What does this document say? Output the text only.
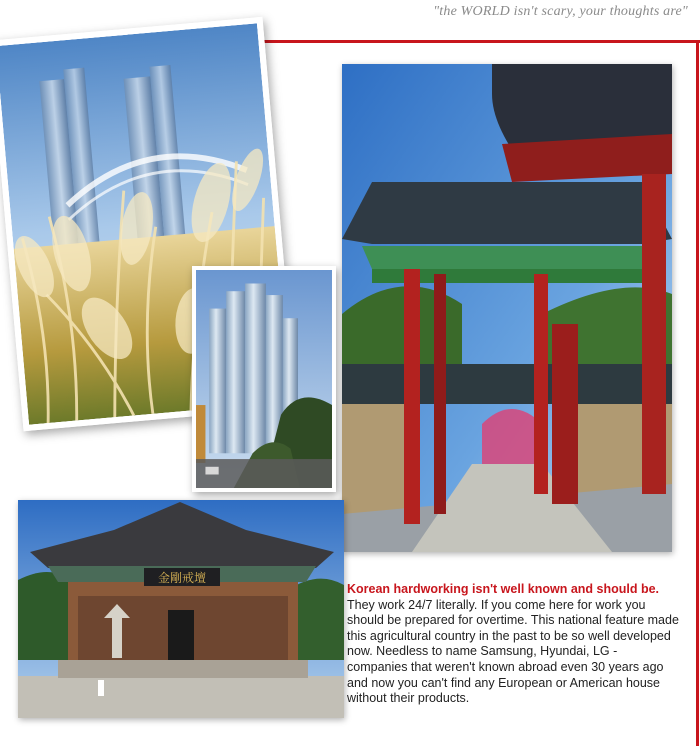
"the WORLD isn't scary, your thoughts are"
金剛戒壇
Korean hardworking isn't well known and should be. They work 24/7 literally. If you come here for work you should be prepared for overtime. This national feature made this agricultural country in the past to be so well developed now. Needless to name Samsung, Hyundai, LG - companies that weren't known abroad even 30 years ago and now you can't find any European or American house without their products.
